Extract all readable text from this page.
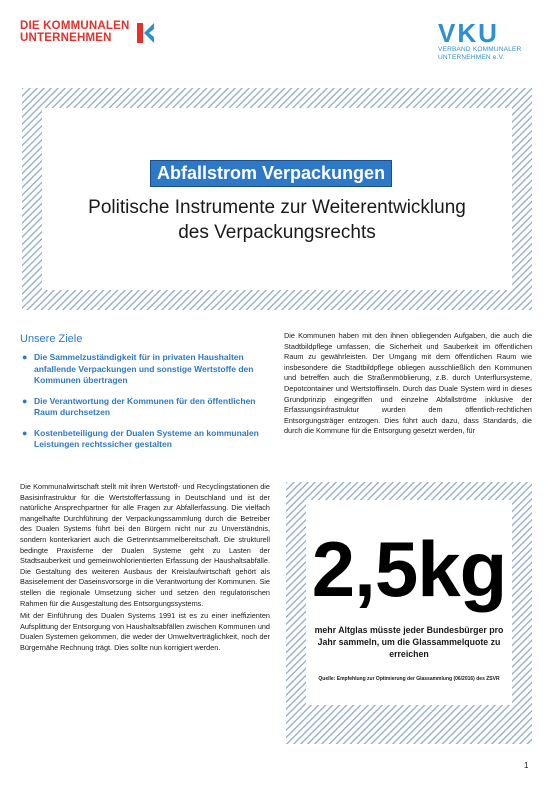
DIE KOMMUNALEN
UNTERNEHMEN	VKU
VERBAND KOMMUNALER
UNTERNEHMEN e.V.
Abfallstrom Verpackungen
Politische Instrumente zur Weiterentwicklung
des Verpackungsrechts
Unsere Ziele
● Die Sammelzuständigkeit für in privaten Haushalten anfallende Verpackungen und sonstige Wertstoffe den Kommunen übertragen
● Die Verantwortung der Kommunen für den öffentlichen Raum durchsetzen
● Kostenbeteiligung der Dualen Systeme an kommunalen Leistungen rechtssicher gestalten
Die Kommunen haben mit den ihnen obliegenden Aufgaben, die auch die Stadtbildpflege umfassen, die Sicherheit und Sauberkeit im öffentlichen Raum zu gewährleisten. Der Umgang mit dem öffentlichen Raum wie insbesondere die Stadtbildpflege obliegen ausschließlich den Kommunen und betreffen auch die Straßenmöblierung, z.B. durch Unterflursysteme, Depotcontainer und Wertstoffinseln. Durch das Duale System wird in dieses Grundprinzip eingegriffen und einzelne Abfallströme inklusive der Erfassungsinfrastruktur wurden dem öffentlich-rechtlichen Entsorgungsträger entzogen. Dies führt auch dazu, dass Standards, die durch die Kommune für die Entsorgung gesetzt werden, für

Die Kommunalwirtschaft stellt mit ihren Wertstoff- und Recyclingstationen die Basisinfrastruktur für die Wertstofferfassung in Deutschland und ist der natürliche Ansprechpartner für alle Fragen zur Abfallerfassung. Die vielfach mangelhafte Durchführung der Verpackungssammlung durch die Betreiber des Dualen Systems führt bei den Bürgern nicht nur zu Unverständnis, sondern konterkariert auch die Getrenntsammelbereitschaft. Die strukturell bedingte Praxisferne der Dualen Systeme geht zu Lasten der Stadtsauberkeit und gemeinwohlorientierten Erfassung der Haushaltsabfälle. Die Gestaltung des weiteren Ausbaus der Kreislaufwirtschaft gehört als Basiselement der Daseinsvorsorge in die Verantwortung der Kommunen. Sie stellen die regionale Umsetzung sicher und setzen den regulatorischen Rahmen für die Ausgestaltung des Entsorgungssystems.

Mit der Einführung des Dualen Systems 1991 ist es zu einer ineffizienten Aufsplittung der Entsorgung von Haushaltsabfällen zwischen Kommunen und Dualen Systemen gekommen, die weder der Umweltverträglichkeit, noch der Bürgernähe Rechnung trägt. Dies sollte nun korrigiert werden.

2,5kg
mehr Altglas müsste jeder Bundesbürger pro Jahr sammeln, um die Glassammelquote zu erreichen
Quelle: Empfehlung zur Optimierung der Glassammlung (06/2016) des ZSVR
1
